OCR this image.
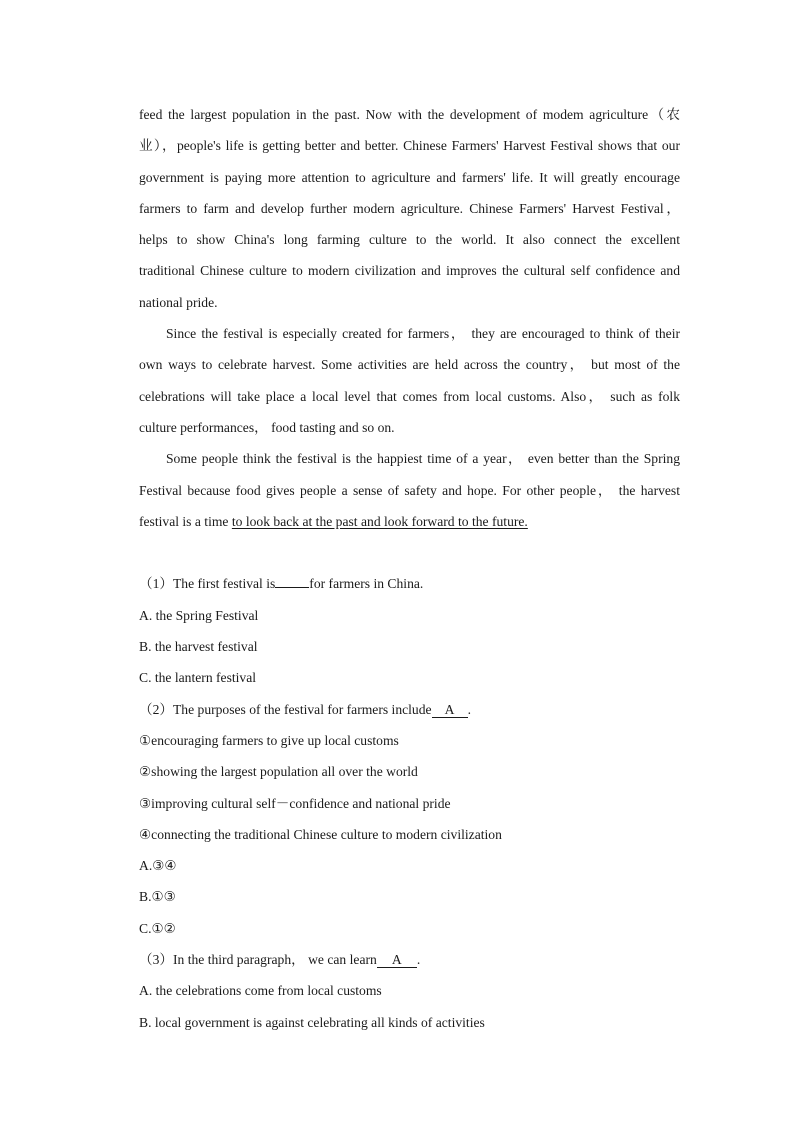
feed the largest population in the past. Now with the development of modem agriculture（农
业），people's life is getting better and better. Chinese Farmers' Harvest Festival shows that our
government is paying more attention to agriculture and farmers' life. It will greatly encourage
farmers to farm and develop further modern agriculture. Chinese Farmers' Harvest Festival，
helps to show China's long farming culture to the world. It also connect the excellent
traditional Chinese culture to modern civilization and improves the cultural self confidence and
national pride.
Since the festival is especially created for farmers， they are encouraged to think of their
own ways to celebrate harvest. Some activities are held across the country， but most of the
celebrations will take place a local level that comes from local customs. Also， such as folk
culture performances， food tasting and so on.
Some people think the festival is the happiest time of a year， even better than the Spring
Festival because food gives people a sense of safety and hope. For other people， the harvest
festival is a time to look back at the past and look forward to the future.
（1）The first festival is	for farmers in China.
A. the Spring Festival
B. the harvest festival
C. the lantern festival
（2）The purposes of the festival for farmers include A .
①encouraging farmers to give up local customs
②showing the largest population all over the world
③improving cultural self－confidence and national pride
④connecting the traditional Chinese culture to modern civilization
A.③④
B.①③
C.①②
（3）In the third paragraph， we can learn A .
A. the celebrations come from local customs
B. local government is against celebrating all kinds of activities
